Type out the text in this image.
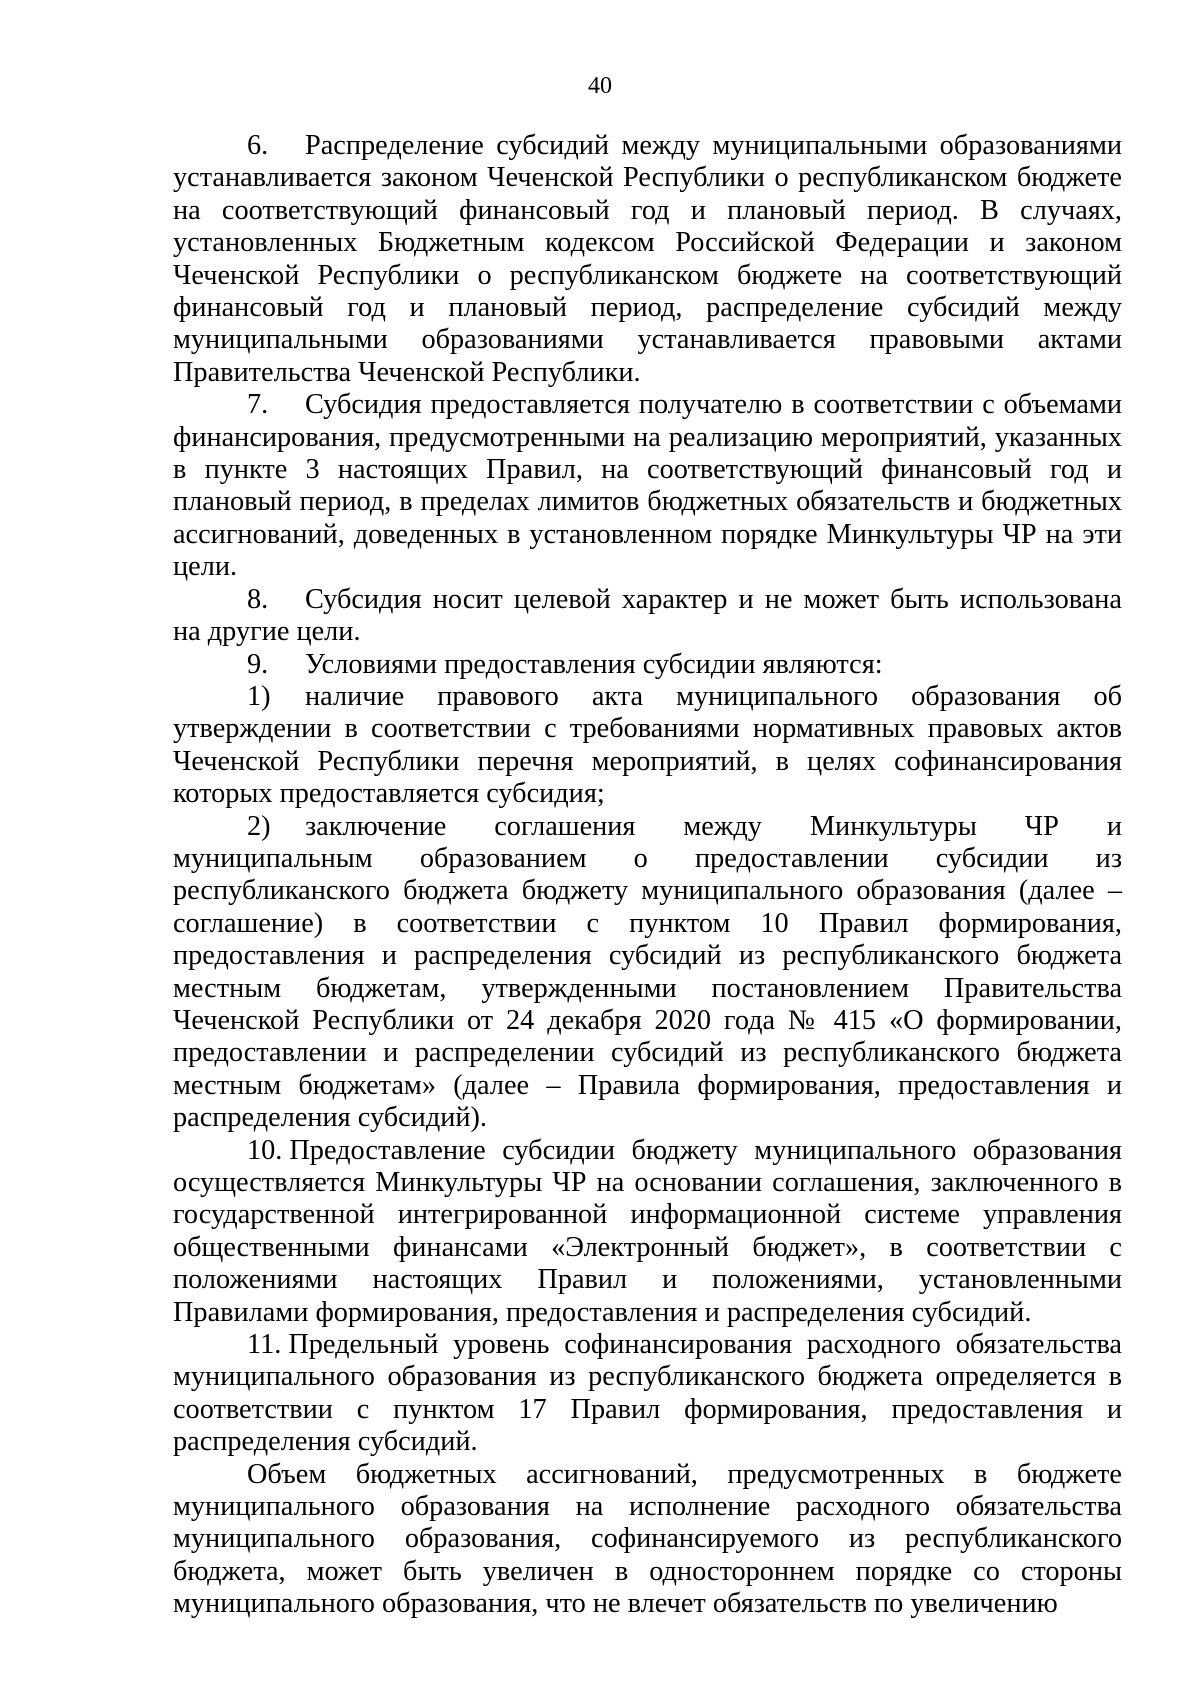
40

6. Распределение субсидий между муниципальными образованиями устанавливается законом Чеченской Республики о республиканском бюджете на соответствующий финансовый год и плановый период. В случаях, установленных Бюджетным кодексом Российской Федерации и законом Чеченской Республики о республиканском бюджете на соответствующий финансовый год и плановый период, распределение субсидий между муниципальными образованиями устанавливается правовыми актами Правительства Чеченской Республики.

7. Субсидия предоставляется получателю в соответствии с объемами финансирования, предусмотренными на реализацию мероприятий, указанных в пункте 3 настоящих Правил, на соответствующий финансовый год и плановый период, в пределах лимитов бюджетных обязательств и бюджетных ассигнований, доведенных в установленном порядке Минкультуры ЧР на эти цели.

8. Субсидия носит целевой характер и не может быть использована на другие цели.

9. Условиями предоставления субсидии являются:

1) наличие правового акта муниципального образования об утверждении в соответствии с требованиями нормативных правовых актов Чеченской Республики перечня мероприятий, в целях софинансирования которых предоставляется субсидия;

2) заключение соглашения между Минкультуры ЧР и муниципальным образованием о предоставлении субсидии из республиканского бюджета бюджету муниципального образования (далее – соглашение) в соответствии с пунктом 10 Правил формирования, предоставления и распределения субсидий из республиканского бюджета местным бюджетам, утвержденными постановлением Правительства Чеченской Республики от 24 декабря 2020 года № 415 «О формировании, предоставлении и распределении субсидий из республиканского бюджета местным бюджетам» (далее – Правила формирования, предоставления и распределения субсидий).

10. Предоставление субсидии бюджету муниципального образования осуществляется Минкультуры ЧР на основании соглашения, заключенного в государственной интегрированной информационной системе управления общественными финансами «Электронный бюджет», в соответствии с положениями настоящих Правил и положениями, установленными Правилами формирования, предоставления и распределения субсидий.

11. Предельный уровень софинансирования расходного обязательства муниципального образования из республиканского бюджета определяется в соответствии с пунктом 17 Правил формирования, предоставления и распределения субсидий.

Объем бюджетных ассигнований, предусмотренных в бюджете муниципального образования на исполнение расходного обязательства муниципального образования, софинансируемого из республиканского бюджета, может быть увеличен в одностороннем порядке со стороны муниципального образования, что не влечет обязательств по увеличению
